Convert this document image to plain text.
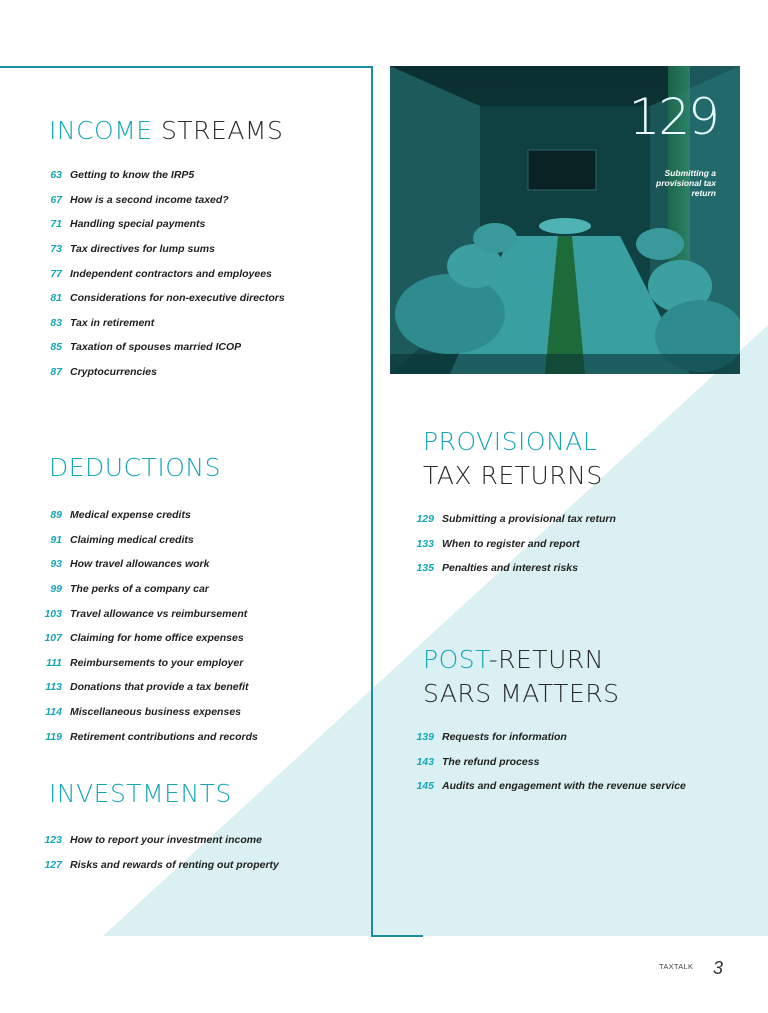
INCOME STREAMS
63 Getting to know the IRP5
67 How is a second income taxed?
71 Handling special payments
73 Tax directives for lump sums
77 Independent contractors and employees
81 Considerations for non-executive directors
83 Tax in retirement
85 Taxation of spouses married ICOP
87 Cryptocurrencies
DEDUCTIONS
89 Medical expense credits
91 Claiming medical credits
93 How travel allowances work
99 The perks of a company car
103 Travel allowance vs reimbursement
107 Claiming for home office expenses
111 Reimbursements to your employer
113 Donations that provide a tax benefit
114 Miscellaneous business expenses
119 Retirement contributions and records
INVESTMENTS
123 How to report your investment income
127 Risks and rewards of renting out property
129
Submitting a provisional tax return
PROVISIONAL
TAX RETURNS
129 Submitting a provisional tax return
133 When to register and report
135 Penalties and interest risks
POST-RETURN
SARS MATTERS
139 Requests for information
143 The refund process
145 Audits and engagement with the revenue service
TAXTALK 3
